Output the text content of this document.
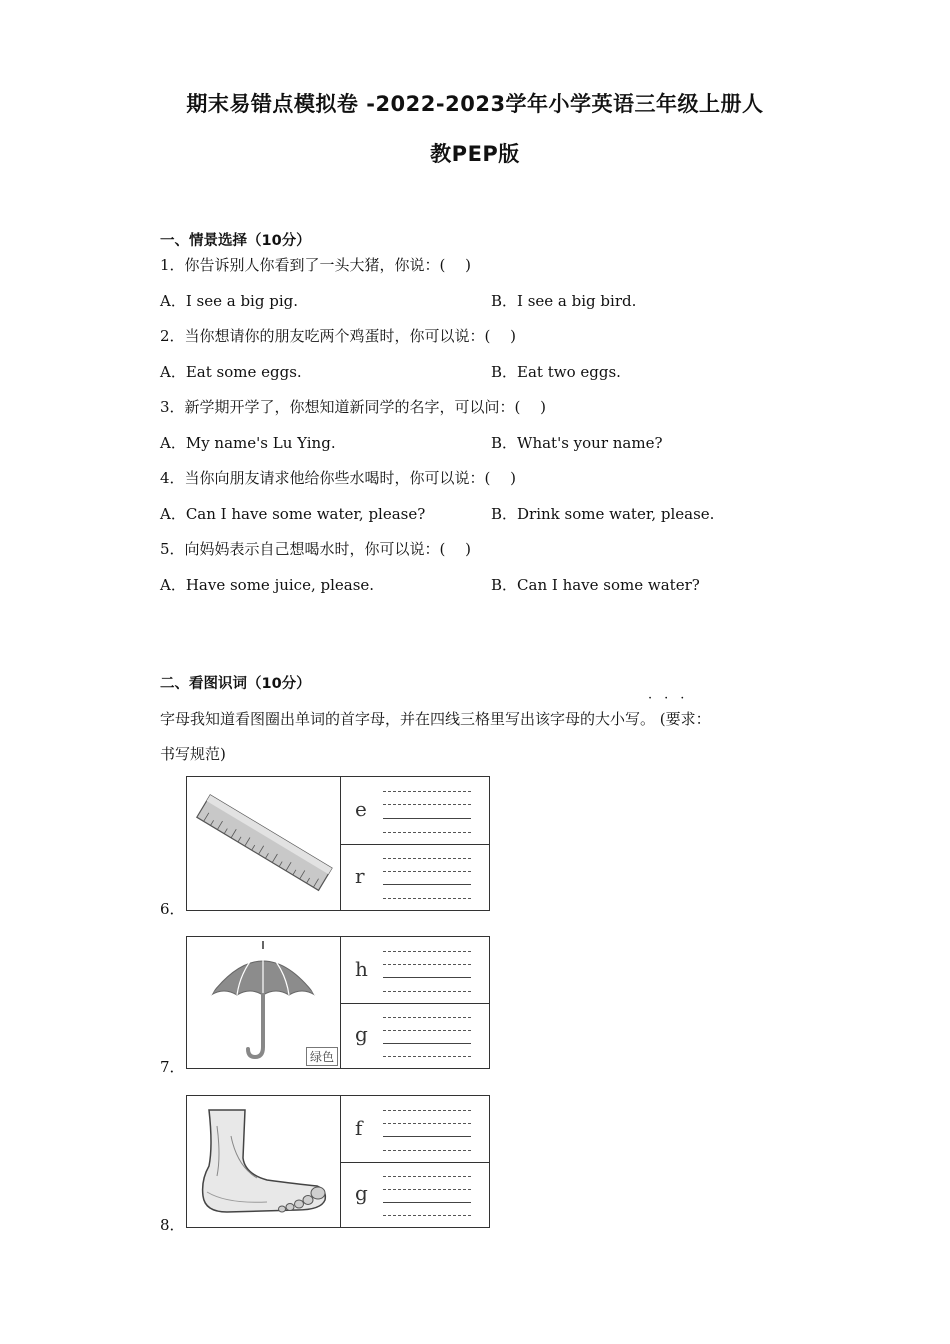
期末易错点模拟卷 -2022-2023学年小学英语三年级上册人
教PEP版
一、情景选择（10分）
1．你告诉别人你看到了一头大猪，你说：(　 )
A．I see a big pig.	B．I see a big bird.
2．当你想请你的朋友吃两个鸡蛋时，你可以说：(　 )
A．Eat some eggs.	B．Eat two eggs.
3．新学期开学了，你想知道新同学的名字，可以问：(　 )
A．My name's Lu Ying.	B．What's your name?
4．当你向朋友请求他给你些水喝时，你可以说：(　 )
A．Can I have some water, please?	B．Drink some water, please.
5．向妈妈表示自己想喝水时，你可以说：(　 )
A．Have some juice, please.	B．Can I have some water?
二、看图识词（10分）
···
字母我知道看图圈出单词的首字母，并在四线三格里写出该字母的大小写。 (要求：
书写规范)
e
r
6．
绿色
h
g
7．
f
g
8．
